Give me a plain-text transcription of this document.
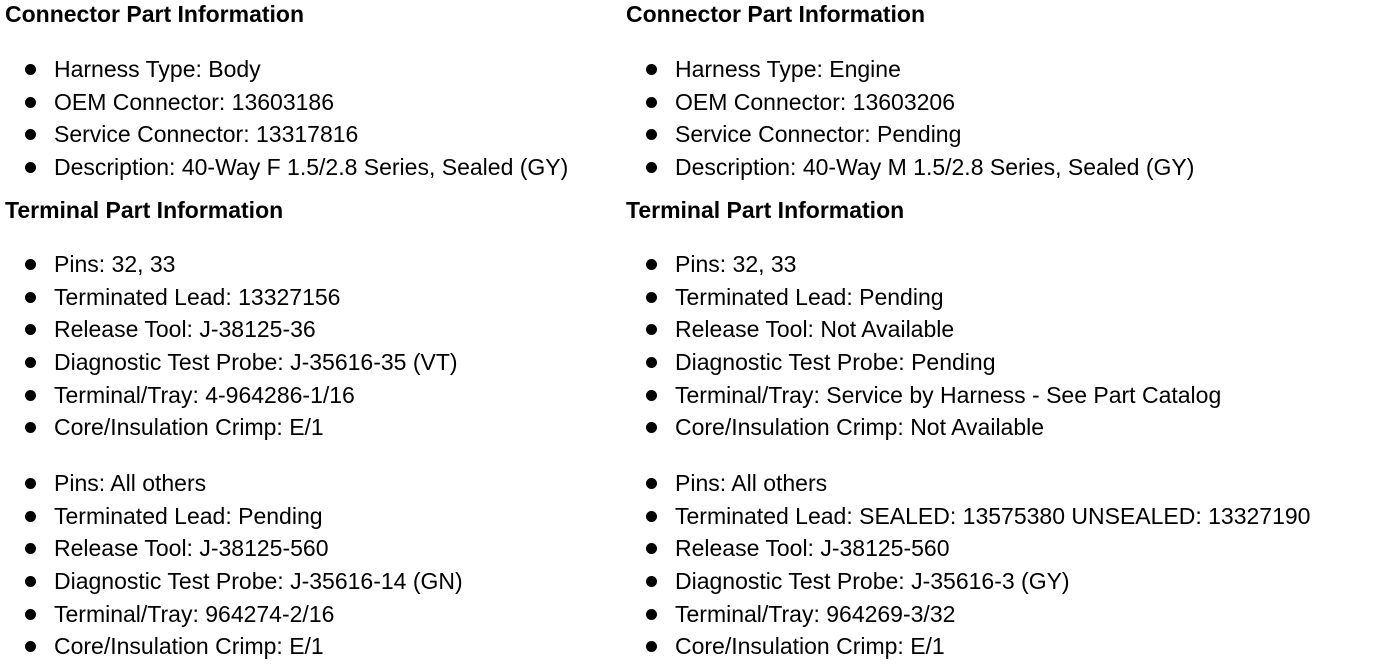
Connector Part Information
Harness Type: Body
OEM Connector: 13603186
Service Connector: 13317816
Description: 40-Way F 1.5/2.8 Series, Sealed (GY)
Terminal Part Information
Pins: 32, 33
Terminated Lead: 13327156
Release Tool: J-38125-36
Diagnostic Test Probe: J-35616-35 (VT)
Terminal/Tray: 4-964286-1/16
Core/Insulation Crimp: E/1
Pins: All others
Terminated Lead: Pending
Release Tool: J-38125-560
Diagnostic Test Probe: J-35616-14 (GN)
Terminal/Tray: 964274-2/16
Core/Insulation Crimp: E/1
Connector Part Information
Harness Type: Engine
OEM Connector: 13603206
Service Connector: Pending
Description: 40-Way M 1.5/2.8 Series, Sealed (GY)
Terminal Part Information
Pins: 32, 33
Terminated Lead: Pending
Release Tool: Not Available
Diagnostic Test Probe: Pending
Terminal/Tray: Service by Harness - See Part Catalog
Core/Insulation Crimp: Not Available
Pins: All others
Terminated Lead: SEALED: 13575380 UNSEALED: 13327190
Release Tool: J-38125-560
Diagnostic Test Probe: J-35616-3 (GY)
Terminal/Tray: 964269-3/32
Core/Insulation Crimp: E/1
